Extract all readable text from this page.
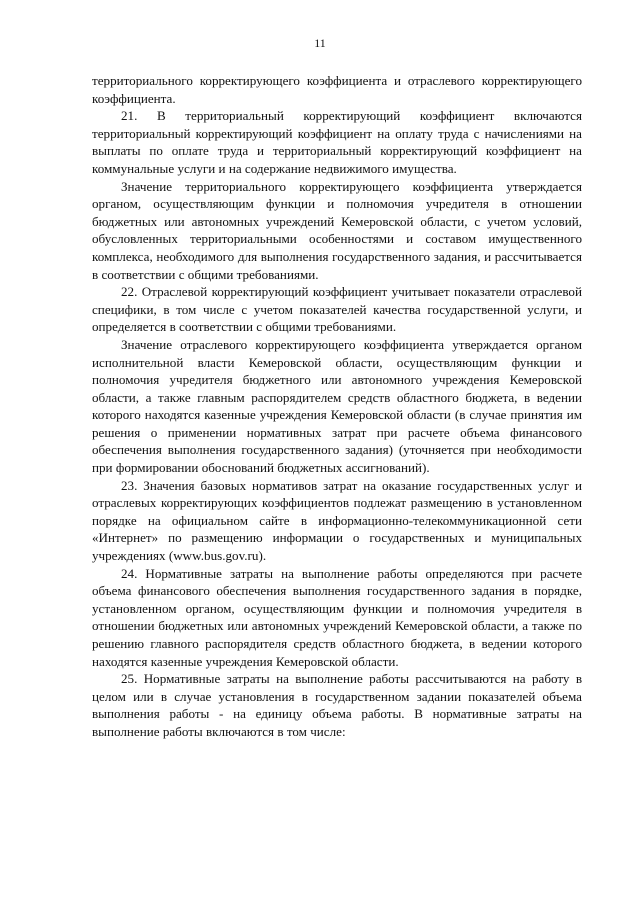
11

территориального корректирующего коэффициента и отраслевого корректирующего коэффициента.

21. В территориальный корректирующий коэффициент включаются территориальный корректирующий коэффициент на оплату труда с начислениями на выплаты по оплате труда и территориальный корректирующий коэффициент на коммунальные услуги и на содержание недвижимого имущества.

Значение территориального корректирующего коэффициента утверждается органом, осуществляющим функции и полномочия учредителя в отношении бюджетных или автономных учреждений Кемеровской области, с учетом условий, обусловленных территориальными особенностями и составом имущественного комплекса, необходимого для выполнения государственного задания, и рассчитывается в соответствии с общими требованиями.

22. Отраслевой корректирующий коэффициент учитывает показатели отраслевой специфики, в том числе с учетом показателей качества государственной услуги, и определяется в соответствии с общими требованиями.

Значение отраслевого корректирующего коэффициента утверждается органом исполнительной власти Кемеровской области, осуществляющим функции и полномочия учредителя бюджетного или автономного учреждения Кемеровской области, а также главным распорядителем средств областного бюджета, в ведении которого находятся казенные учреждения Кемеровской области (в случае принятия им решения о применении нормативных затрат при расчете объема финансового обеспечения выполнения государственного задания) (уточняется при необходимости при формировании обоснований бюджетных ассигнований).

23. Значения базовых нормативов затрат на оказание государственных услуг и отраслевых корректирующих коэффициентов подлежат размещению в установленном порядке на официальном сайте в информационно-телекоммуникационной сети «Интернет» по размещению информации о государственных и муниципальных учреждениях (www.bus.gov.ru).

24. Нормативные затраты на выполнение работы определяются при расчете объема финансового обеспечения выполнения государственного задания в порядке, установленном органом, осуществляющим функции и полномочия учредителя в отношении бюджетных или автономных учреждений Кемеровской области, а также по решению главного распорядителя средств областного бюджета, в ведении которого находятся казенные учреждения Кемеровской области.

25. Нормативные затраты на выполнение работы рассчитываются на работу в целом или в случае установления в государственном задании показателей объема выполнения работы - на единицу объема работы. В нормативные затраты на выполнение работы включаются в том числе:
